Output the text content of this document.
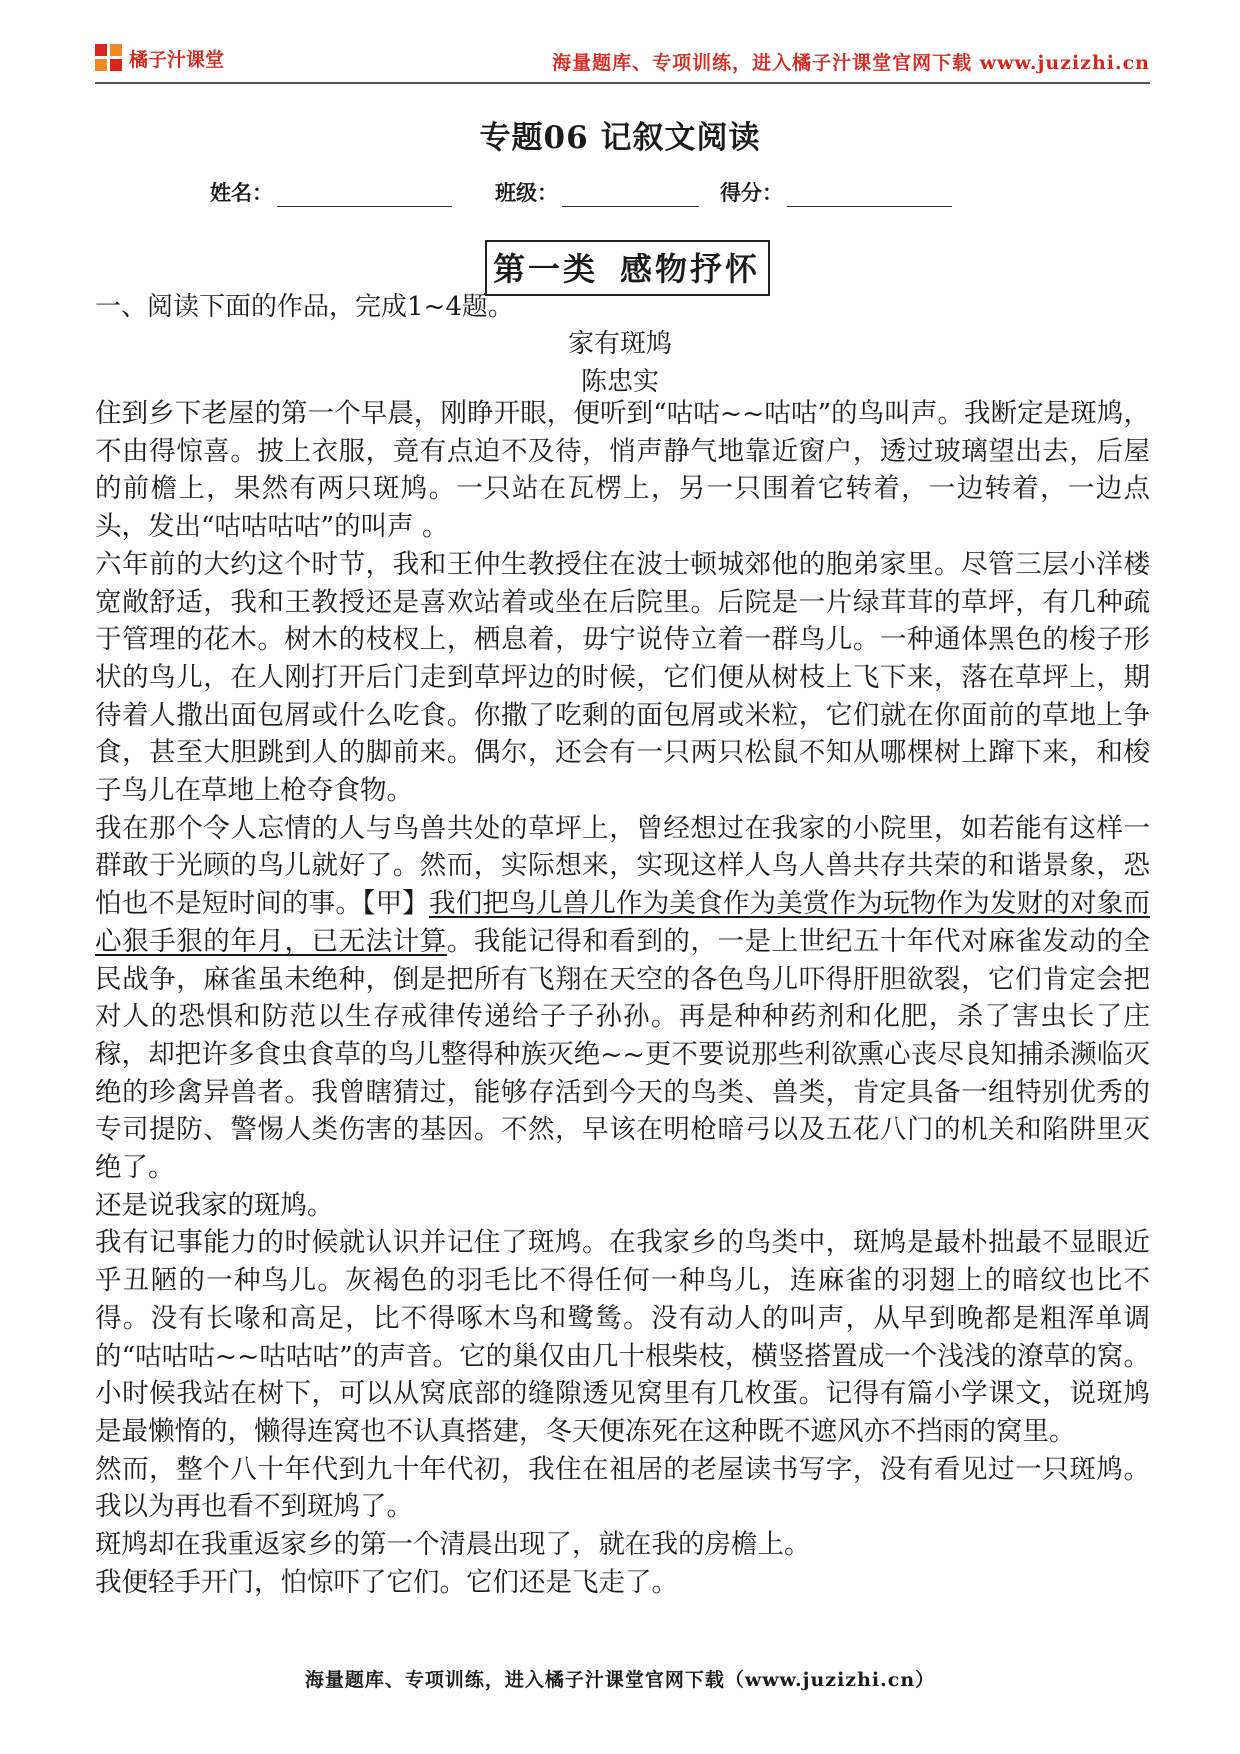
橘子汁课堂	海量题库、专项训练，进入橘子汁课堂官网下载 www.juzizhi.cn
专题06 记叙文阅读
姓名：	班级：	得分：
第一类 感物抒怀
一、阅读下面的作品，完成1~4题。
家有斑鸠
陈忠实

住到乡下老屋的第一个早晨，刚睁开眼，便听到“咕咕~~咕咕”的鸟叫声。我断定是斑鸠，不由得惊喜。披上衣服，竟有点迫不及待，悄声静气地靠近窗户，透过玻璃望出去，后屋的前檐上，果然有两只斑鸠。一只站在瓦楞上，另一只围着它转着，一边转着，一边点头，发出“咕咕咕咕”的叫声 。

六年前的大约这个时节，我和王仲生教授住在波士顿城郊他的胞弟家里。尽管三层小洋楼宽敞舒适，我和王教授还是喜欢站着或坐在后院里。后院是一片绿茸茸的草坪，有几种疏于管理的花木。树木的枝杈上，栖息着，毋宁说侍立着一群鸟儿。一种通体黑色的梭子形状的鸟儿，在人刚打开后门走到草坪边的时候，它们便从树枝上飞下来，落在草坪上，期待着人撒出面包屑或什么吃食。你撒了吃剩的面包屑或米粒，它们就在你面前的草地上争食，甚至大胆跳到人的脚前来。偶尔，还会有一只两只松鼠不知从哪棵树上蹿下来，和梭子鸟儿在草地上枪夺食物。

我在那个令人忘情的人与鸟兽共处的草坪上，曾经想过在我家的小院里，如若能有这样一群敢于光顾的鸟儿就好了。然而，实际想来，实现这样人鸟人兽共存共荣的和谐景象，恐怕也不是短时间的事。【甲】我们把鸟儿兽儿作为美食作为美赏作为玩物作为发财的对象而心狠手狠的年月，已无法计算。我能记得和看到的，一是上世纪五十年代对麻雀发动的全民战争，麻雀虽未绝种，倒是把所有飞翔在天空的各色鸟儿吓得肝胆欲裂，它们肯定会把对人的恐惧和防范以生存戒律传递给子子孙孙。再是种种药剂和化肥，杀了害虫长了庄稼，却把许多食虫食草的鸟儿整得种族灭绝~~更不要说那些利欲熏心丧尽良知捕杀濒临灭绝的珍禽异兽者。我曾瞎猜过，能够存活到今天的鸟类、兽类，肯定具备一组特别优秀的专司提防、警惕人类伤害的基因。不然，早该在明枪暗弓以及五花八门的机关和陷阱里灭绝了。

还是说我家的斑鸠。

我有记事能力的时候就认识并记住了斑鸠。在我家乡的鸟类中，斑鸠是最朴拙最不显眼近乎丑陋的一种鸟儿。灰褐色的羽毛比不得任何一种鸟儿，连麻雀的羽翅上的暗纹也比不得。没有长喙和高足，比不得啄木鸟和鹭鸶。没有动人的叫声，从早到晚都是粗浑单调的“咕咕咕~~咕咕咕”的声音。它的巢仅由几十根柴枝，横竖搭置成一个浅浅的潦草的窝。小时候我站在树下，可以从窝底部的缝隙透见窝里有几枚蛋。记得有篇小学课文，说斑鸠是最懒惰的，懒得连窝也不认真搭建，冬天便冻死在这种既不遮风亦不挡雨的窝里。

然而，整个八十年代到九十年代初，我住在祖居的老屋读书写字，没有看见过一只斑鸠。我以为再也看不到斑鸠了。

斑鸠却在我重返家乡的第一个清晨出现了，就在我的房檐上。

我便轻手开门，怕惊吓了它们。它们还是飞走了。

海量题库、专项训练，进入橘子汁课堂官网下载（www.juzizhi.cn）
